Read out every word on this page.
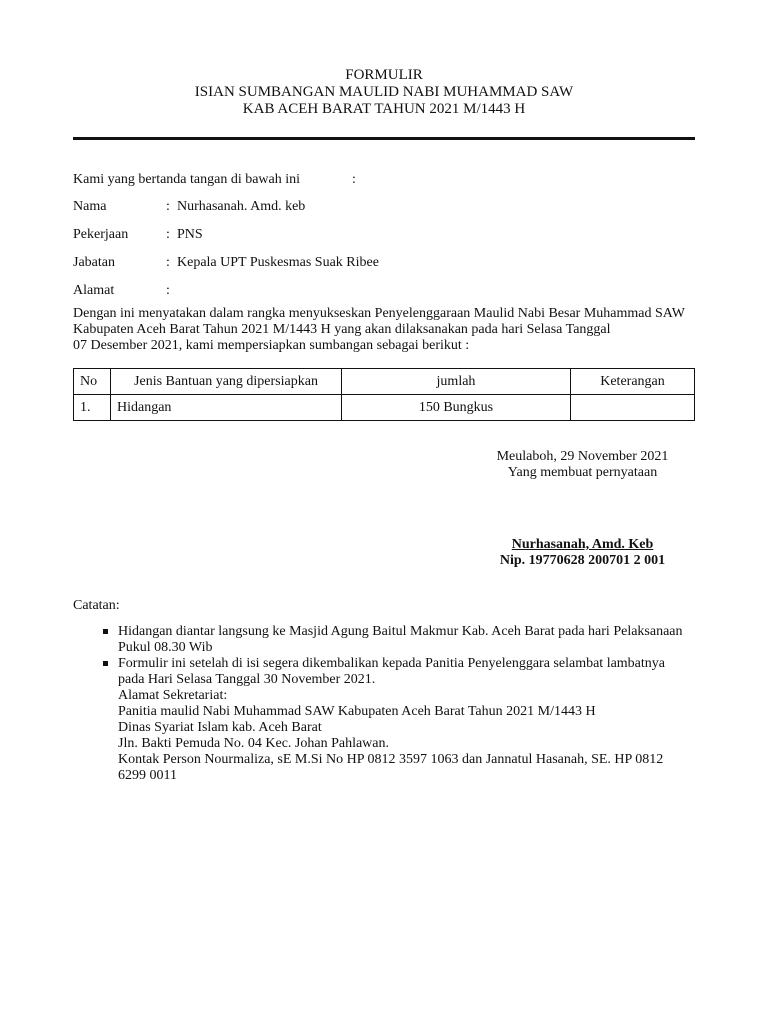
FORMULIR
ISIAN SUMBANGAN MAULID NABI MUHAMMAD SAW
KAB ACEH BARAT TAHUN 2021 M/1443 H
Kami yang bertanda tangan di bawah ini	:
Nama	: Nurhasanah. Amd. keb
Pekerjaan	: PNS
Jabatan	: Kepala UPT Puskesmas Suak Ribee
Alamat	:
Dengan ini menyatakan dalam rangka menyukseskan Penyelenggaraan Maulid Nabi Besar Muhammad SAW
Kabupaten Aceh Barat Tahun 2021 M/1443 H yang akan dilaksanakan pada hari Selasa Tanggal
07 Desember 2021, kami mempersiapkan sumbangan sebagai berikut :
No	Jenis Bantuan yang dipersiapkan	jumlah	Keterangan
1.	Hidangan	150 Bungkus	
Meulaboh, 29 November 2021
Yang membuat pernyataan
Nurhasanah, Amd. Keb
Nip. 19770628 200701 2 001
Catatan:
Hidangan diantar langsung ke Masjid Agung Baitul Makmur Kab. Aceh Barat pada hari Pelaksanaan
Pukul 08.30 Wib
Formulir ini setelah di isi segera dikembalikan kepada Panitia Penyelenggara selambat lambatnya
pada Hari Selasa Tanggal 30 November 2021.
Alamat Sekretariat:
Panitia maulid Nabi Muhammad SAW Kabupaten Aceh Barat Tahun 2021 M/1443 H
Dinas Syariat Islam kab. Aceh Barat
Jln. Bakti Pemuda No. 04 Kec. Johan Pahlawan.
Kontak Person Nourmaliza, sE M.Si No HP 0812 3597 1063 dan Jannatul Hasanah, SE. HP 0812
6299 0011
